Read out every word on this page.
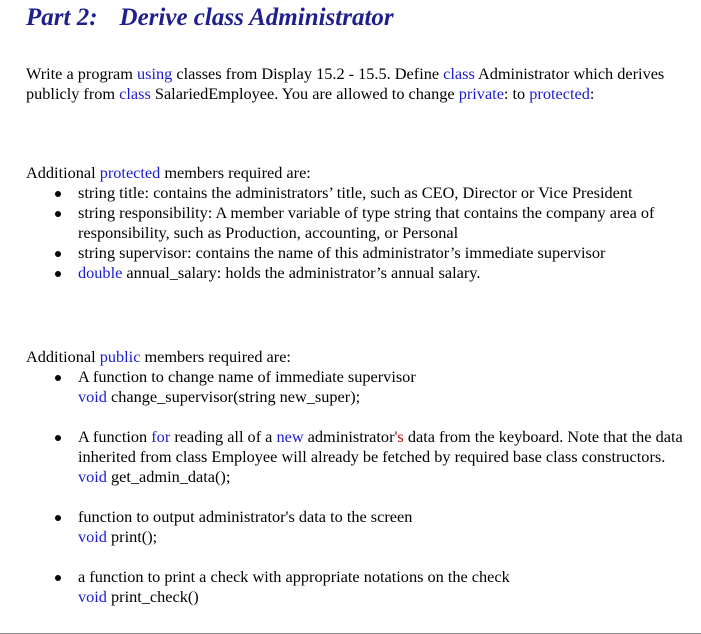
Part 2: Derive class Administrator
Write a program using classes from Display 15.2 - 15.5. Define class Administrator which derives publicly from class SalariedEmployee. You are allowed to change private: to protected:
Additional protected members required are:
string title: contains the administrators’ title, such as CEO, Director or Vice President
string responsibility: A member variable of type string that contains the company area of responsibility, such as Production, accounting, or Personal
string supervisor: contains the name of this administrator’s immediate supervisor
double annual_salary: holds the administrator’s annual salary.
Additional public members required are:
A function to change name of immediate supervisor
void change_supervisor(string new_super);
A function for reading all of a new administrator's data from the keyboard. Note that the data inherited from class Employee will already be fetched by required base class constructors.
void get_admin_data();
function to output administrator's data to the screen
void print();
a function to print a check with appropriate notations on the check
void print_check()
